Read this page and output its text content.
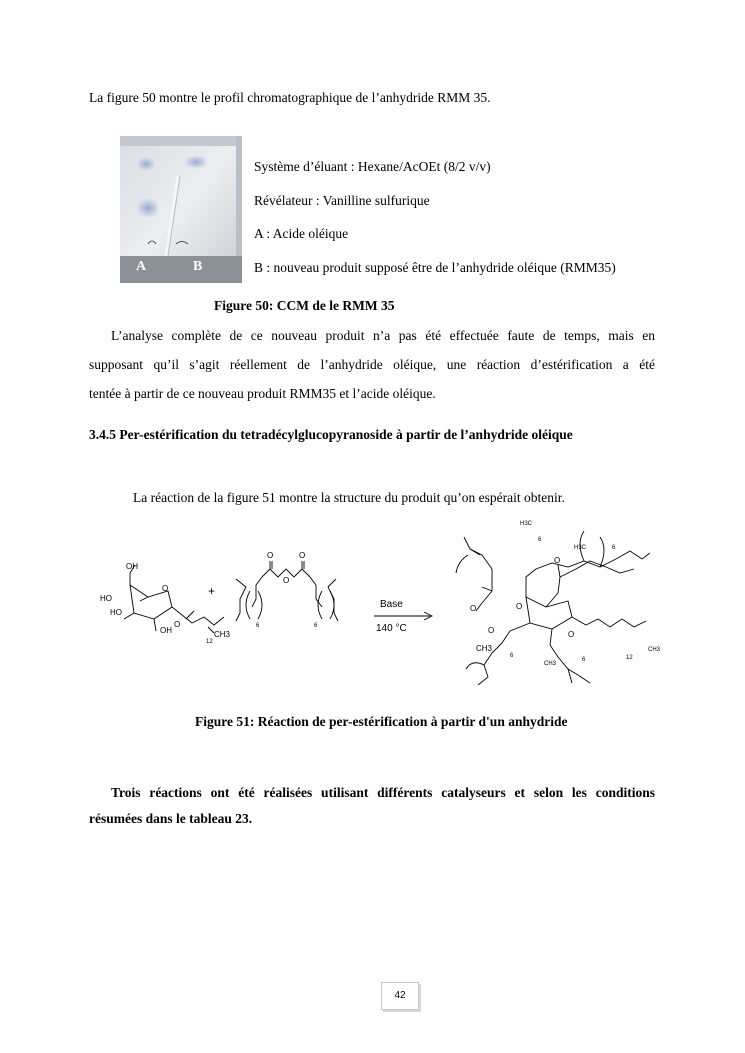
La figure 50 montre le profil chromatographique de l’anhydride RMM 35.
A	B
Système d’éluant : Hexane/AcOEt (8/2 v/v)
Révélateur : Vanilline sulfurique
A : Acide oléique
B : nouveau produit supposé être de l’anhydride oléique (RMM35)
Figure 50: CCM de le RMM 35
L’analyse complète de ce nouveau produit n’a pas été effectuée faute de temps, mais en
supposant qu’il s’agit réellement de l’anhydride oléique, une réaction d’estérification a été
tentée à partir de ce nouveau produit RMM35 et l’acide oléique.
3.4.5 Per-estérification du tetradécylglucopyranoside à partir de l’anhydride oléique
La réaction de la figure 51 montre la structure du produit qu’on espérait obtenir.
OH
HO
HO
OH
O
O
CH3
12
O
O
O
6	6
+
Base
140 °C
H3C
H3C
6
6
O	O
O
O	O
CH3
6
CH3
6
CH3
12
Figure 51: Réaction de per-estérification à partir d'un anhydride
Trois réactions ont été réalisées utilisant différents catalyseurs et selon les conditions
résumées dans le tableau 23.
42
